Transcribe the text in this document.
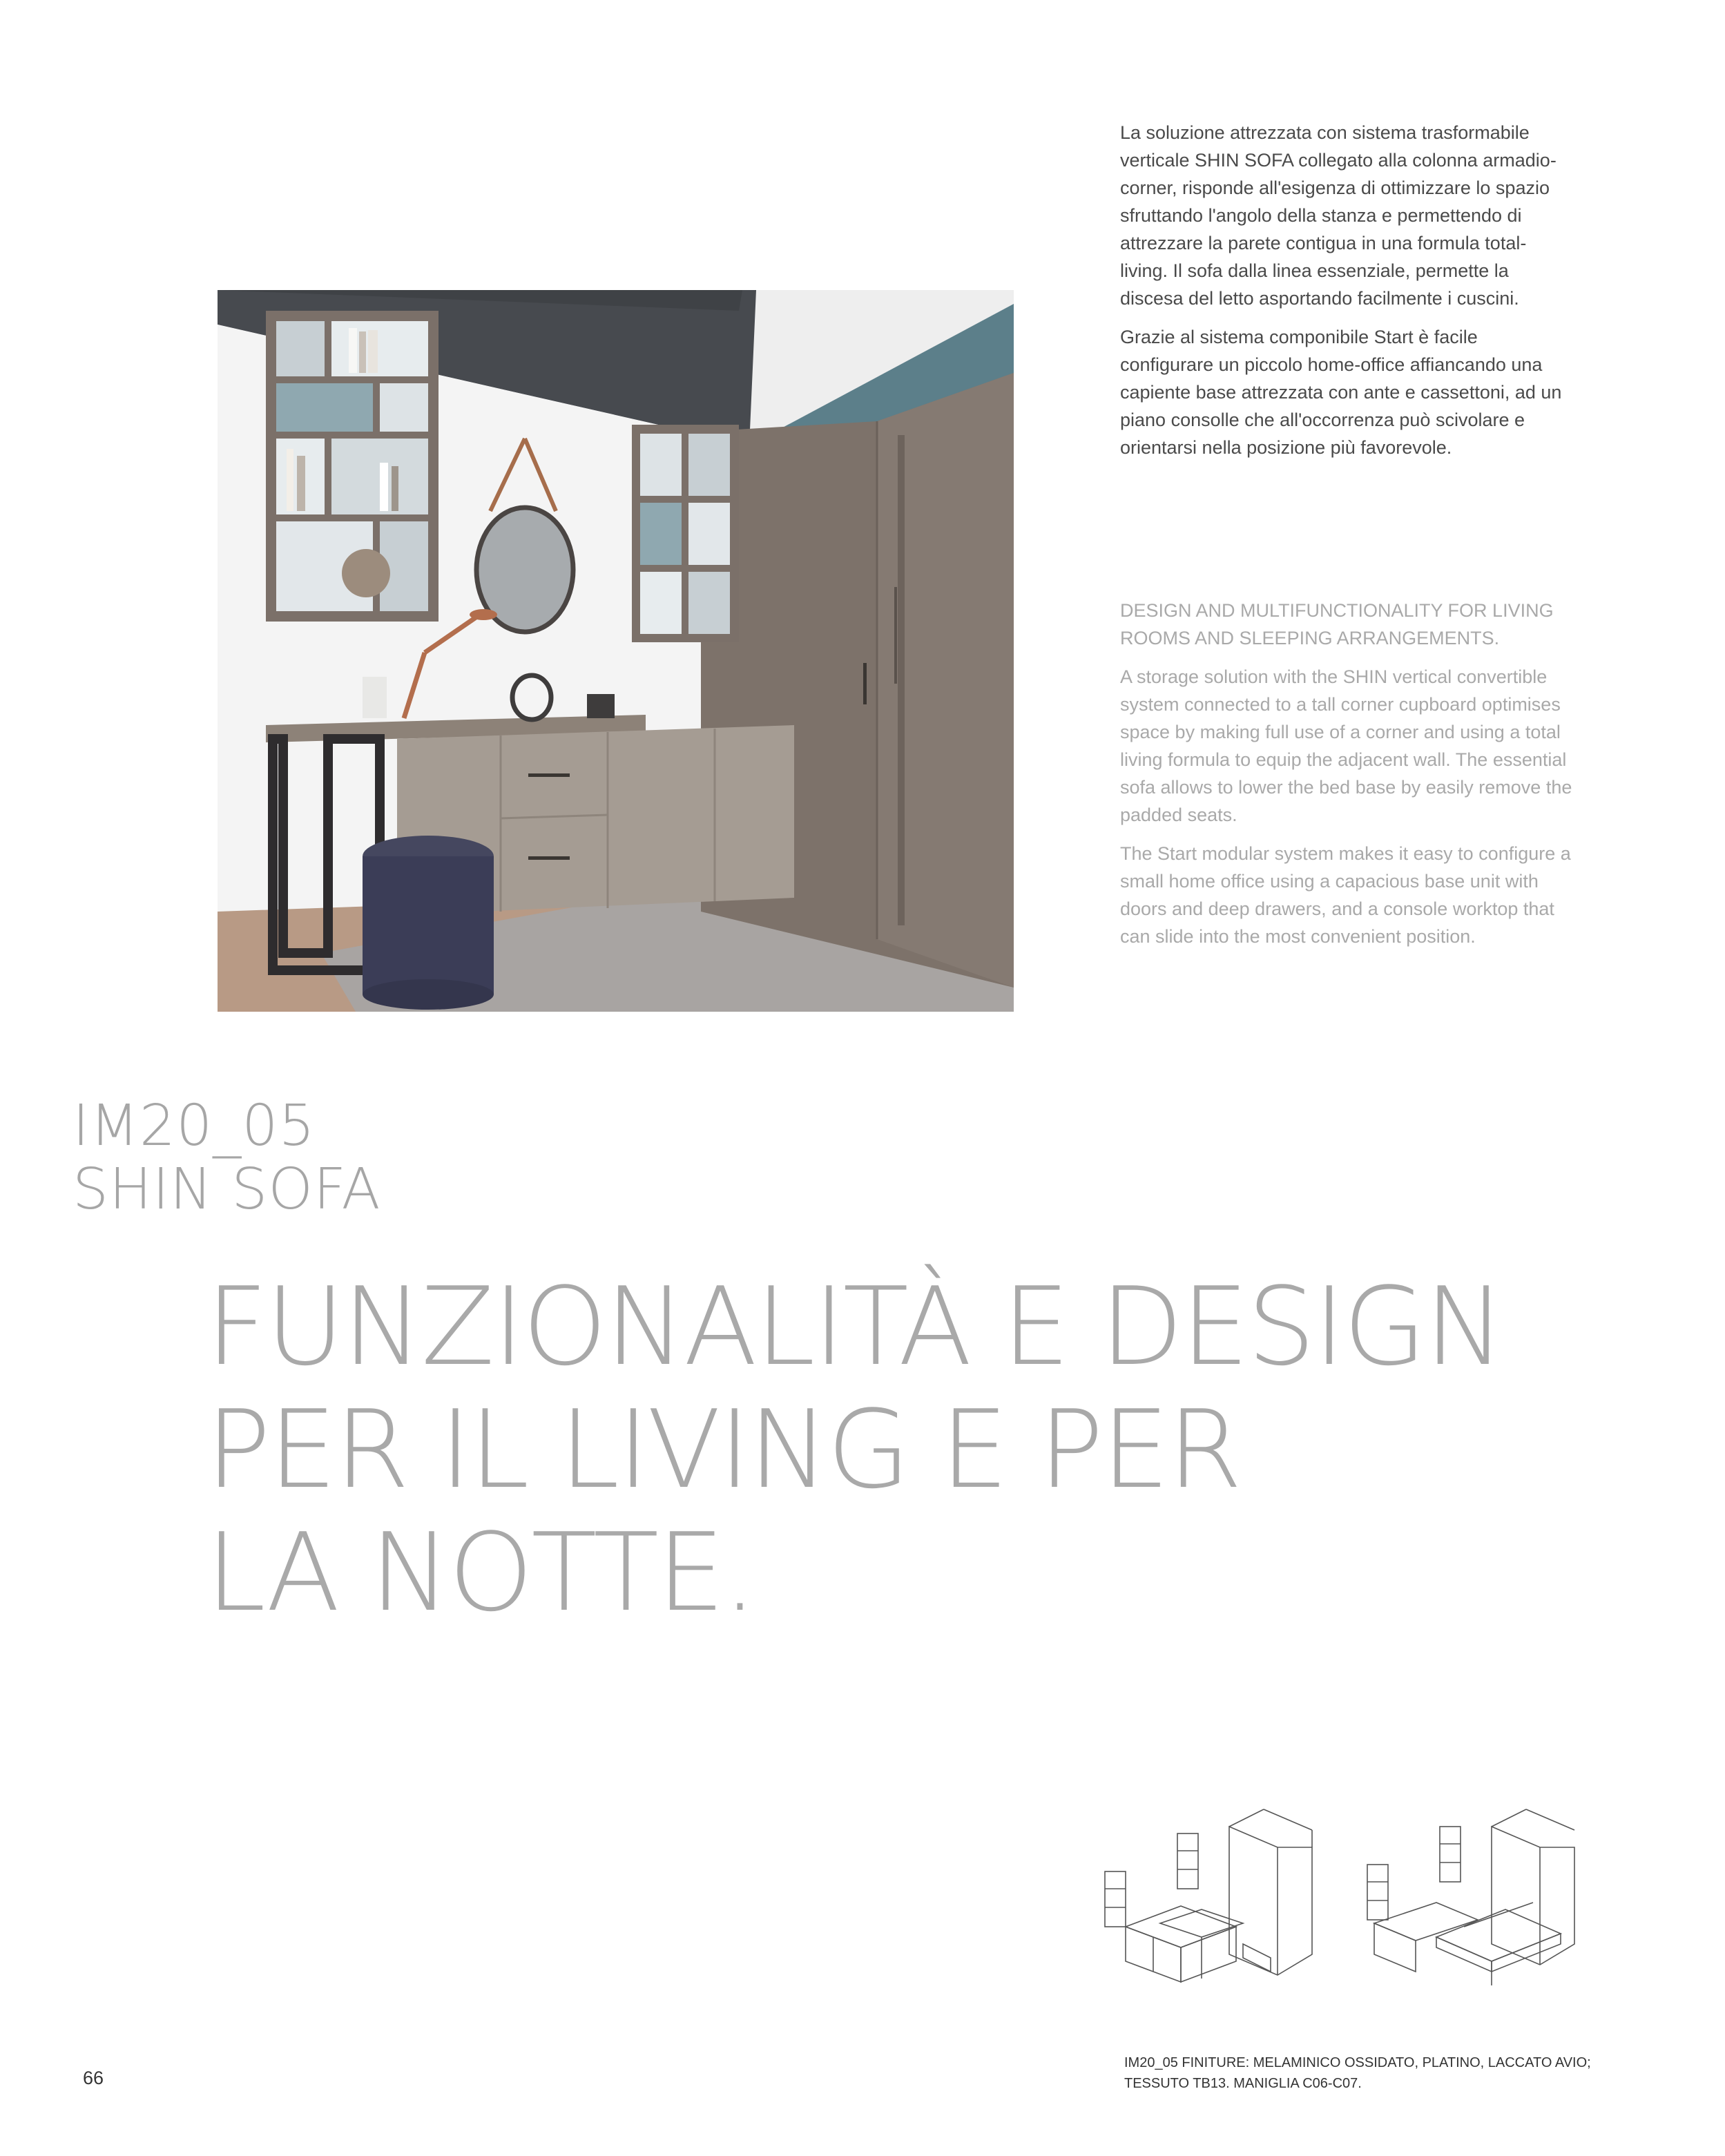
La soluzione attrezzata con sistema trasformabile verticale SHIN SOFA collegato alla colonna armadio-corner, risponde all'esigenza di ottimizzare lo spazio sfruttando l'angolo della stanza e permettendo di attrezzare la parete contigua in una formula total-living. Il sofa dalla linea essenziale, permette la discesa del letto asportando facilmente i cuscini.

Grazie al sistema componibile Start è facile configurare un piccolo home-office affiancando una capiente base attrezzata con ante e cassettoni, ad un piano consolle che all'occorrenza può scivolare e orientarsi nella posizione più favorevole.

DESIGN AND MULTIFUNCTIONALITY FOR LIVING ROOMS AND SLEEPING ARRANGEMENTS.

A storage solution with the SHIN vertical convertible system connected to a tall corner cupboard optimises space by making full use of a corner and using a total living formula to equip the adjacent wall. The essential sofa allows to lower the bed base by easily remove the padded seats.

The Start modular system makes it easy to configure a small home office using a capacious base unit with doors and deep drawers, and a console worktop that can slide into the most convenient position.

IM20_05
SHIN SOFA
FUNZIONALITÀ E DESIGN
PER IL LIVING E PER
LA NOTTE.
66
IM20_05 FINITURE: MELAMINICO OSSIDATO, PLATINO, LACCATO AVIO;
TESSUTO TB13. MANIGLIA C06-C07.
